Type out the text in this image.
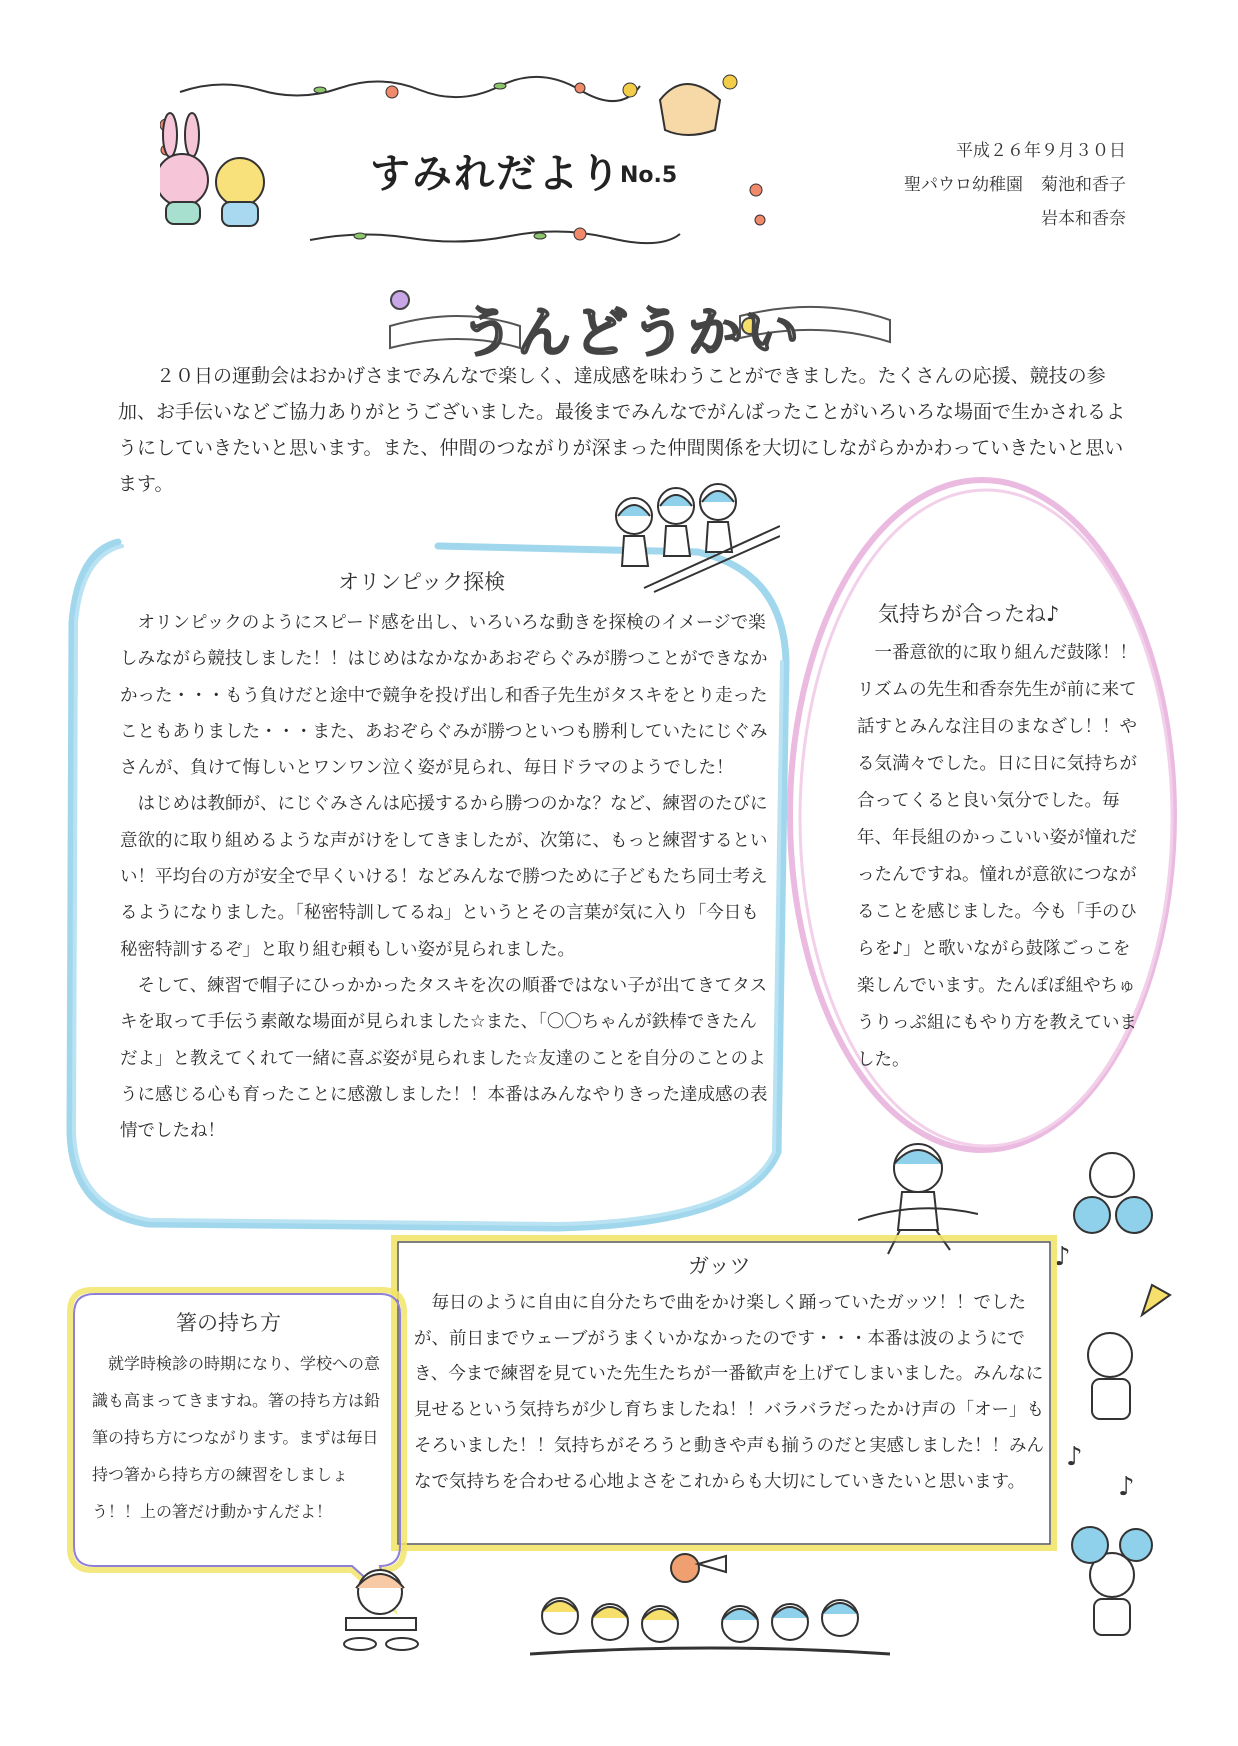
すみれだより
No.5
平成２６年９月３０日
聖パウロ幼稚園 菊池和香子
岩本和香奈
うんどうかい
２０日の運動会はおかげさまでみんなで楽しく、達成感を味わうことができました。たくさんの応援、競技の参加、お手伝いなどご協力ありがとうございました。最後までみんなでがんばったことがいろいろな場面で生かされるようにしていきたいと思います。また、仲間のつながりが深まった仲間関係を大切にしながらかかわっていきたいと思います。
オリンピック探検

オリンピックのようにスピード感を出し、いろいろな動きを探検のイメージで楽しみながら競技しました！！はじめはなかなかあおぞらぐみが勝つことができなかかった・・・もう負けだと途中で競争を投げ出し和香子先生がタスキをとり走ったこともありました・・・また、あおぞらぐみが勝つといつも勝利していたにじぐみさんが、負けて悔しいとワンワン泣く姿が見られ、毎日ドラマのようでした！

はじめは教師が、にじぐみさんは応援するから勝つのかな？など、練習のたびに意欲的に取り組めるような声がけをしてきましたが、次第に、もっと練習するといい！平均台の方が安全で早くいける！などみんなで勝つために子どもたち同士考えるようになりました。「秘密特訓してるね」というとその言葉が気に入り「今日も秘密特訓するぞ」と取り組む頼もしい姿が見られました。

そして、練習で帽子にひっかかったタスキを次の順番ではない子が出てきてタスキを取って手伝う素敵な場面が見られました☆また、「〇〇ちゃんが鉄棒できたんだよ」と教えてくれて一緒に喜ぶ姿が見られました☆友達のことを自分のことのように感じる心も育ったことに感激しました！！本番はみんなやりきった達成感の表情でしたね！

気持ちが合ったね♪
一番意欲的に取り組んだ鼓隊！！リズムの先生和香奈先生が前に来て話すとみんな注目のまなざし！！やる気満々でした。日に日に気持ちが合ってくると良い気分でした。毎年、年長組のかっこいい姿が憧れだったんですね。憧れが意欲につながることを感じました。今も「手のひらを♪」と歌いながら鼓隊ごっこを楽しんでいます。たんぽぽ組やちゅうりっぷ組にもやり方を教えていました。
♪
♪
♪
ガッツ
毎日のように自由に自分たちで曲をかけ楽しく踊っていたガッツ！！でしたが、前日までウェーブがうまくいかなかったのです・・・本番は波のようにでき、今まで練習を見ていた先生たちが一番歓声を上げてしまいました。みんなに見せるという気持ちが少し育ちましたね！！バラバラだったかけ声の「オー」もそろいました！！気持ちがそろうと動きや声も揃うのだと実感しました！！みんなで気持ちを合わせる心地よさをこれからも大切にしていきたいと思います。
箸の持ち方
就学時検診の時期になり、学校への意識も高まってきますね。箸の持ち方は鉛筆の持ち方につながります。まずは毎日持つ箸から持ち方の練習をしましょう！！上の箸だけ動かすんだよ！
